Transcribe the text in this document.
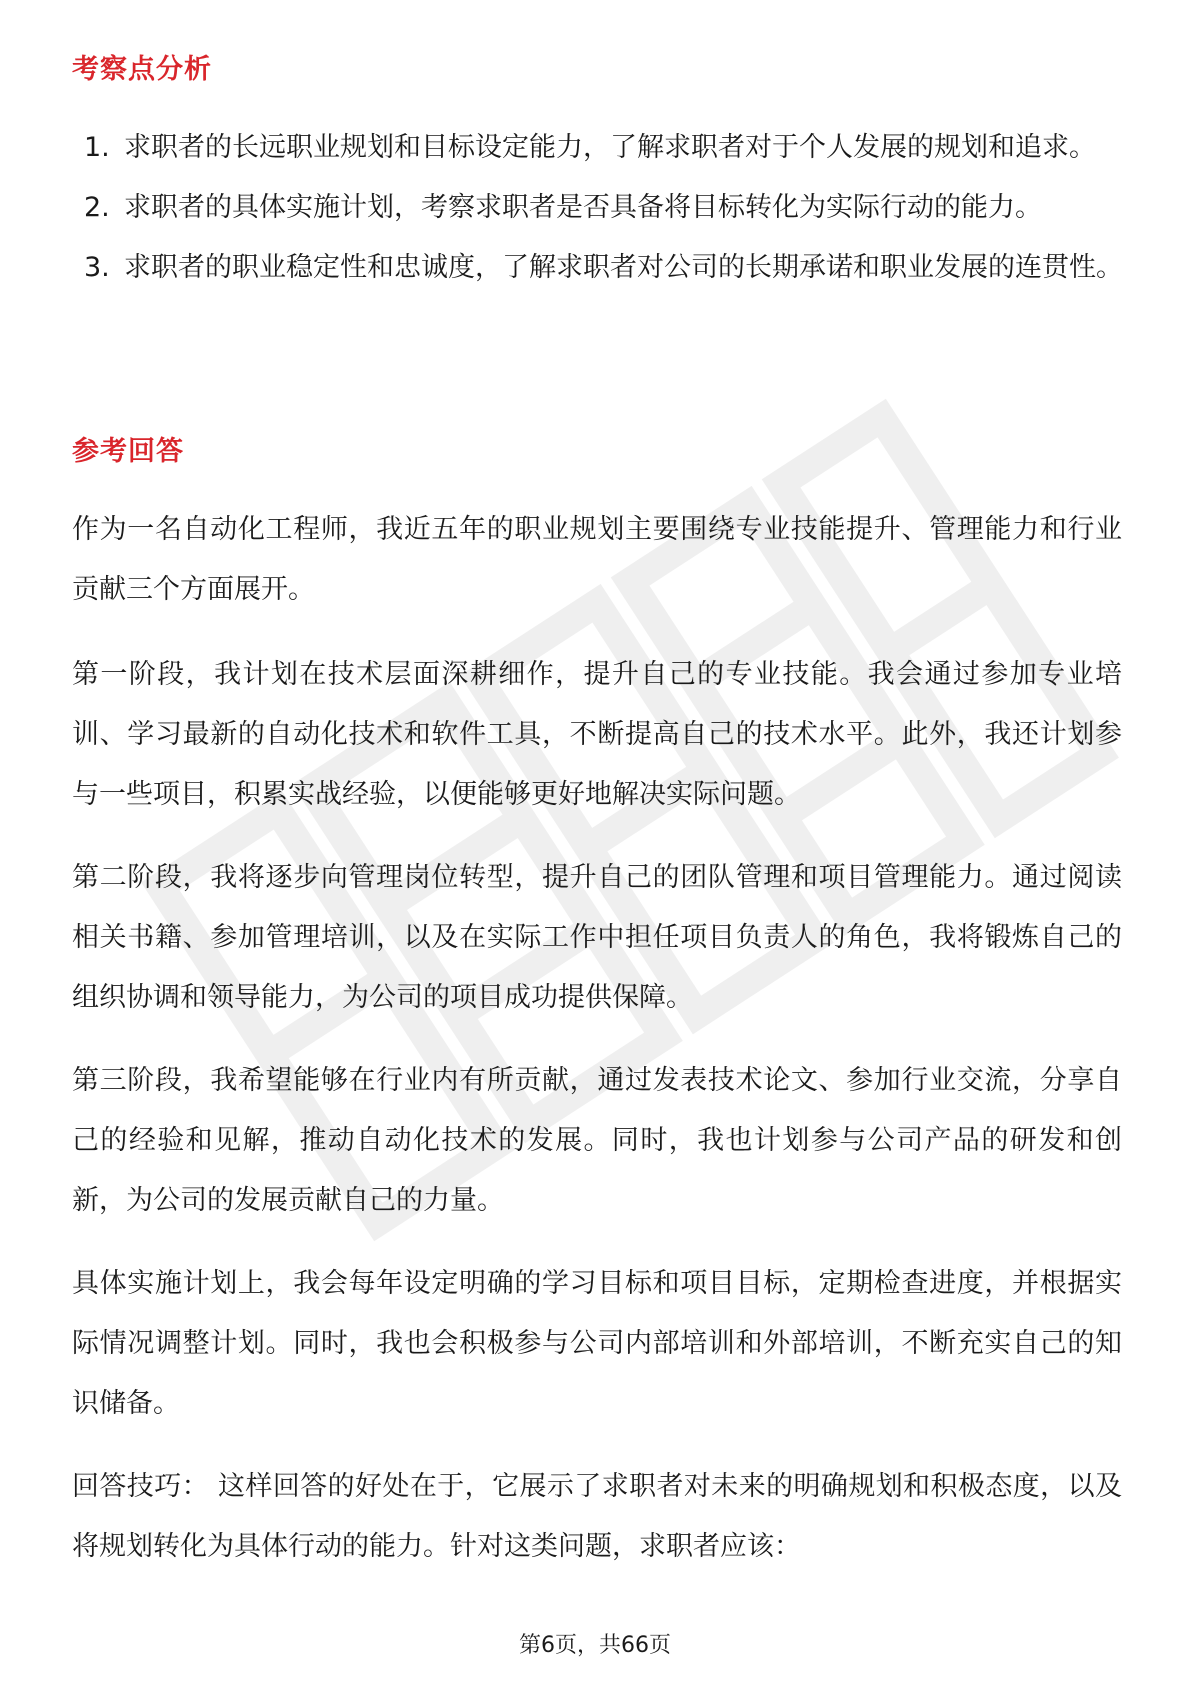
考察点分析
1. 求职者的长远职业规划和目标设定能力，了解求职者对于个人发展的规划和追求。
2. 求职者的具体实施计划，考察求职者是否具备将目标转化为实际行动的能力。
3. 求职者的职业稳定性和忠诚度，了解求职者对公司的长期承诺和职业发展的连贯性。
参考回答

作为一名自动化工程师，我近五年的职业规划主要围绕专业技能提升、管理能力和行业贡献三个方面展开。

第一阶段，我计划在技术层面深耕细作，提升自己的专业技能。我会通过参加专业培训、学习最新的自动化技术和软件工具，不断提高自己的技术水平。此外，我还计划参与一些项目，积累实战经验，以便能够更好地解决实际问题。

第二阶段，我将逐步向管理岗位转型，提升自己的团队管理和项目管理能力。通过阅读相关书籍、参加管理培训，以及在实际工作中担任项目负责人的角色，我将锻炼自己的组织协调和领导能力，为公司的项目成功提供保障。

第三阶段，我希望能够在行业内有所贡献，通过发表技术论文、参加行业交流，分享自己的经验和见解，推动自动化技术的发展。同时，我也计划参与公司产品的研发和创新，为公司的发展贡献自己的力量。

具体实施计划上，我会每年设定明确的学习目标和项目目标，定期检查进度，并根据实际情况调整计划。同时，我也会积极参与公司内部培训和外部培训，不断充实自己的知识储备。

回答技巧： 这样回答的好处在于，它展示了求职者对未来的明确规划和积极态度，以及将规划转化为具体行动的能力。针对这类问题，求职者应该：

第6页，共66页
